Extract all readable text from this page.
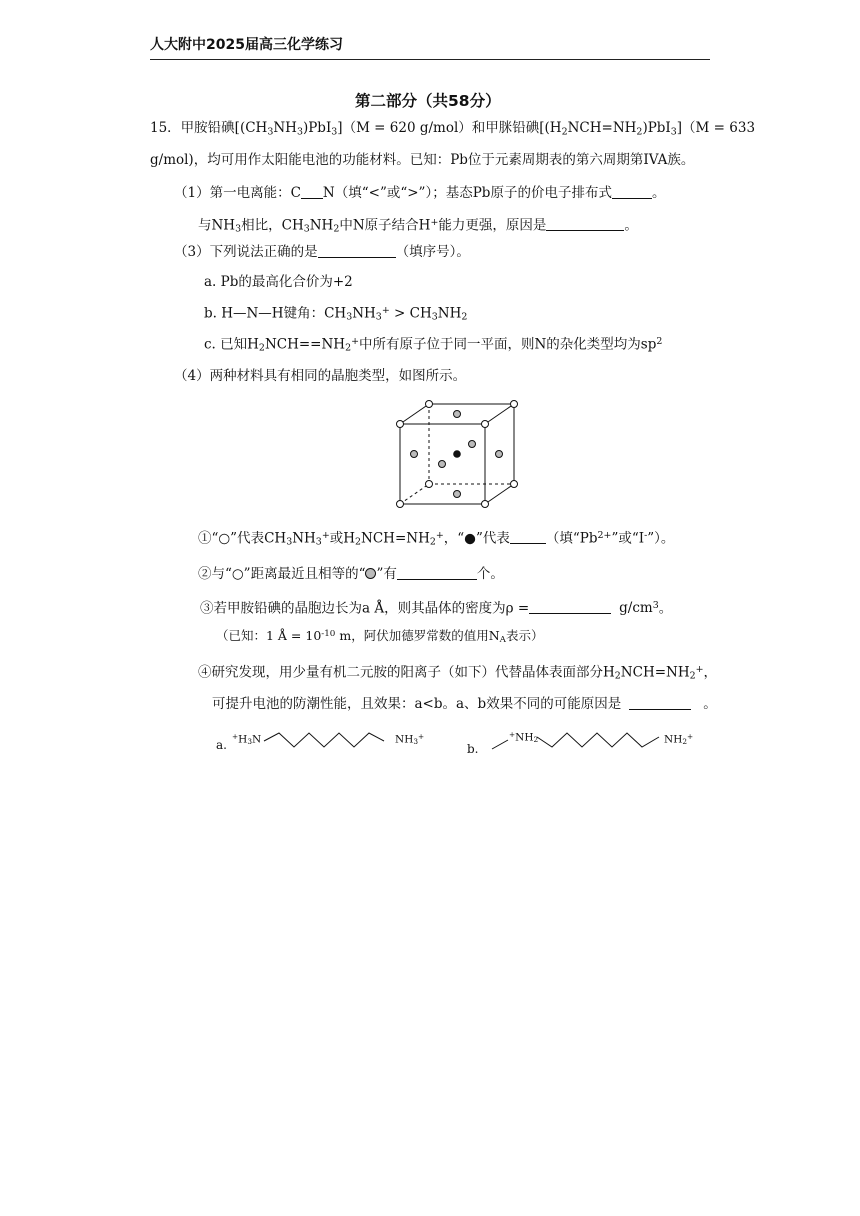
人大附中2025届高三化学练习
第二部分（共58分）
15．甲胺铅碘$[(CH_3NH_3)PbI_3](M = 620$ g/mol）和甲脒铅碘$[(H_2NCH=NH_2)PbI_3](M = 633$
g/mol)，均可用作太阳能电池的功能材料。已知：Pb位于元素周期表的第六周期第IVA族。
（1）第一电离能：C N（填“<”或“>”）；基态Pb原子的价电子排布式	。
与$NH_3$相比，$CH_3NH_2$中N原子结合H+能力更强，原因是	。
（3）下列说法正确的是	（填序号）。
a. Pb的最高化合价为+2
b. H—N—H键角：$CH_3NH_3^+ > CH_3NH_2$
c. 已知$H_2NCH==NH_2^+$中所有原子位于同一平面，则N的杂化类型均为$sp^2$
（4）两种材料具有相同的晶胞类型，如图所示。
①“○”代表$CH_3NH_3^+$或$H_2NCH=NH_2^+$，“●”代表	（填“$Pb^{2+}$”或“I-”）。
②与“○”距离最近且相等的“ ”有	个。
③若甲胺铅碘的晶胞边长为a Å，则其晶体的密度为ρ =	$g/cm^3$。
（已知：1 Å = $10^{-10}$ m，阿伏加德罗常数的值用$N_A$表示）
④研究发现，用少量有机二元胺的阳离子（如下）代替晶体表面部分$H_2NCH=NH_2^+$，
可提升电池的防潮性能，且效果：a<b。a、b效果不同的可能原因是	。
a.
$^+H_3N$	$NH_3^+$
b.
$^+NH_2$	$NH_2^+$
